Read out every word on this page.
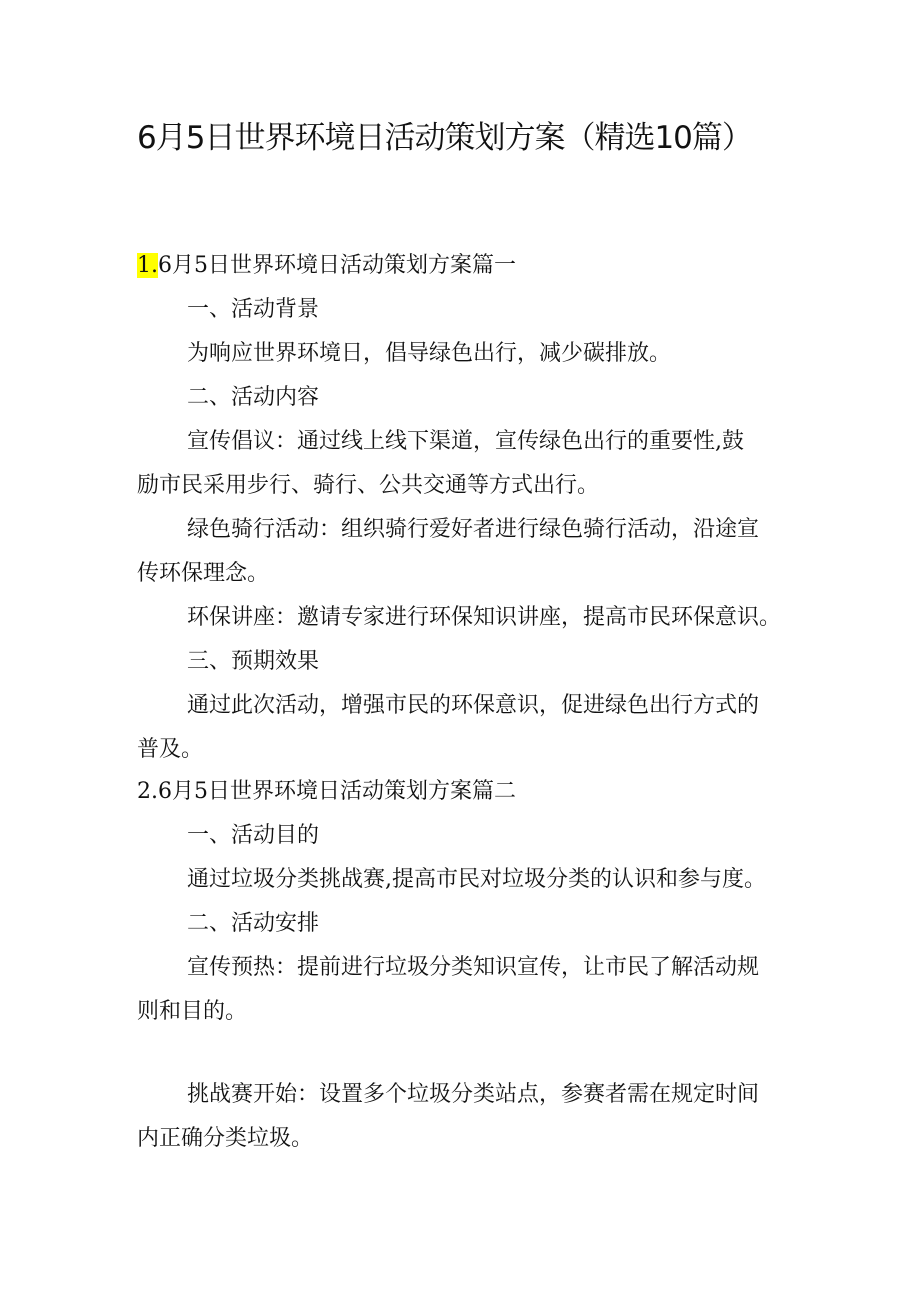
6月5日世界环境日活动策划方案（精选10篇）
1.6月5日世界环境日活动策划方案篇一
一、活动背景
为响应世界环境日，倡导绿色出行，减少碳排放。
二、活动内容
宣传倡议：通过线上线下渠道，宣传绿色出行的重要性,鼓
励市民采用步行、骑行、公共交通等方式出行。
绿色骑行活动：组织骑行爱好者进行绿色骑行活动，沿途宣
传环保理念。
环保讲座：邀请专家进行环保知识讲座，提高市民环保意识。
三、预期效果
通过此次活动，增强市民的环保意识，促进绿色出行方式的
普及。
2.6月5日世界环境日活动策划方案篇二
一、活动目的
通过垃圾分类挑战赛,提高市民对垃圾分类的认识和参与度。
二、活动安排
宣传预热：提前进行垃圾分类知识宣传，让市民了解活动规
则和目的。
挑战赛开始：设置多个垃圾分类站点，参赛者需在规定时间
内正确分类垃圾。
